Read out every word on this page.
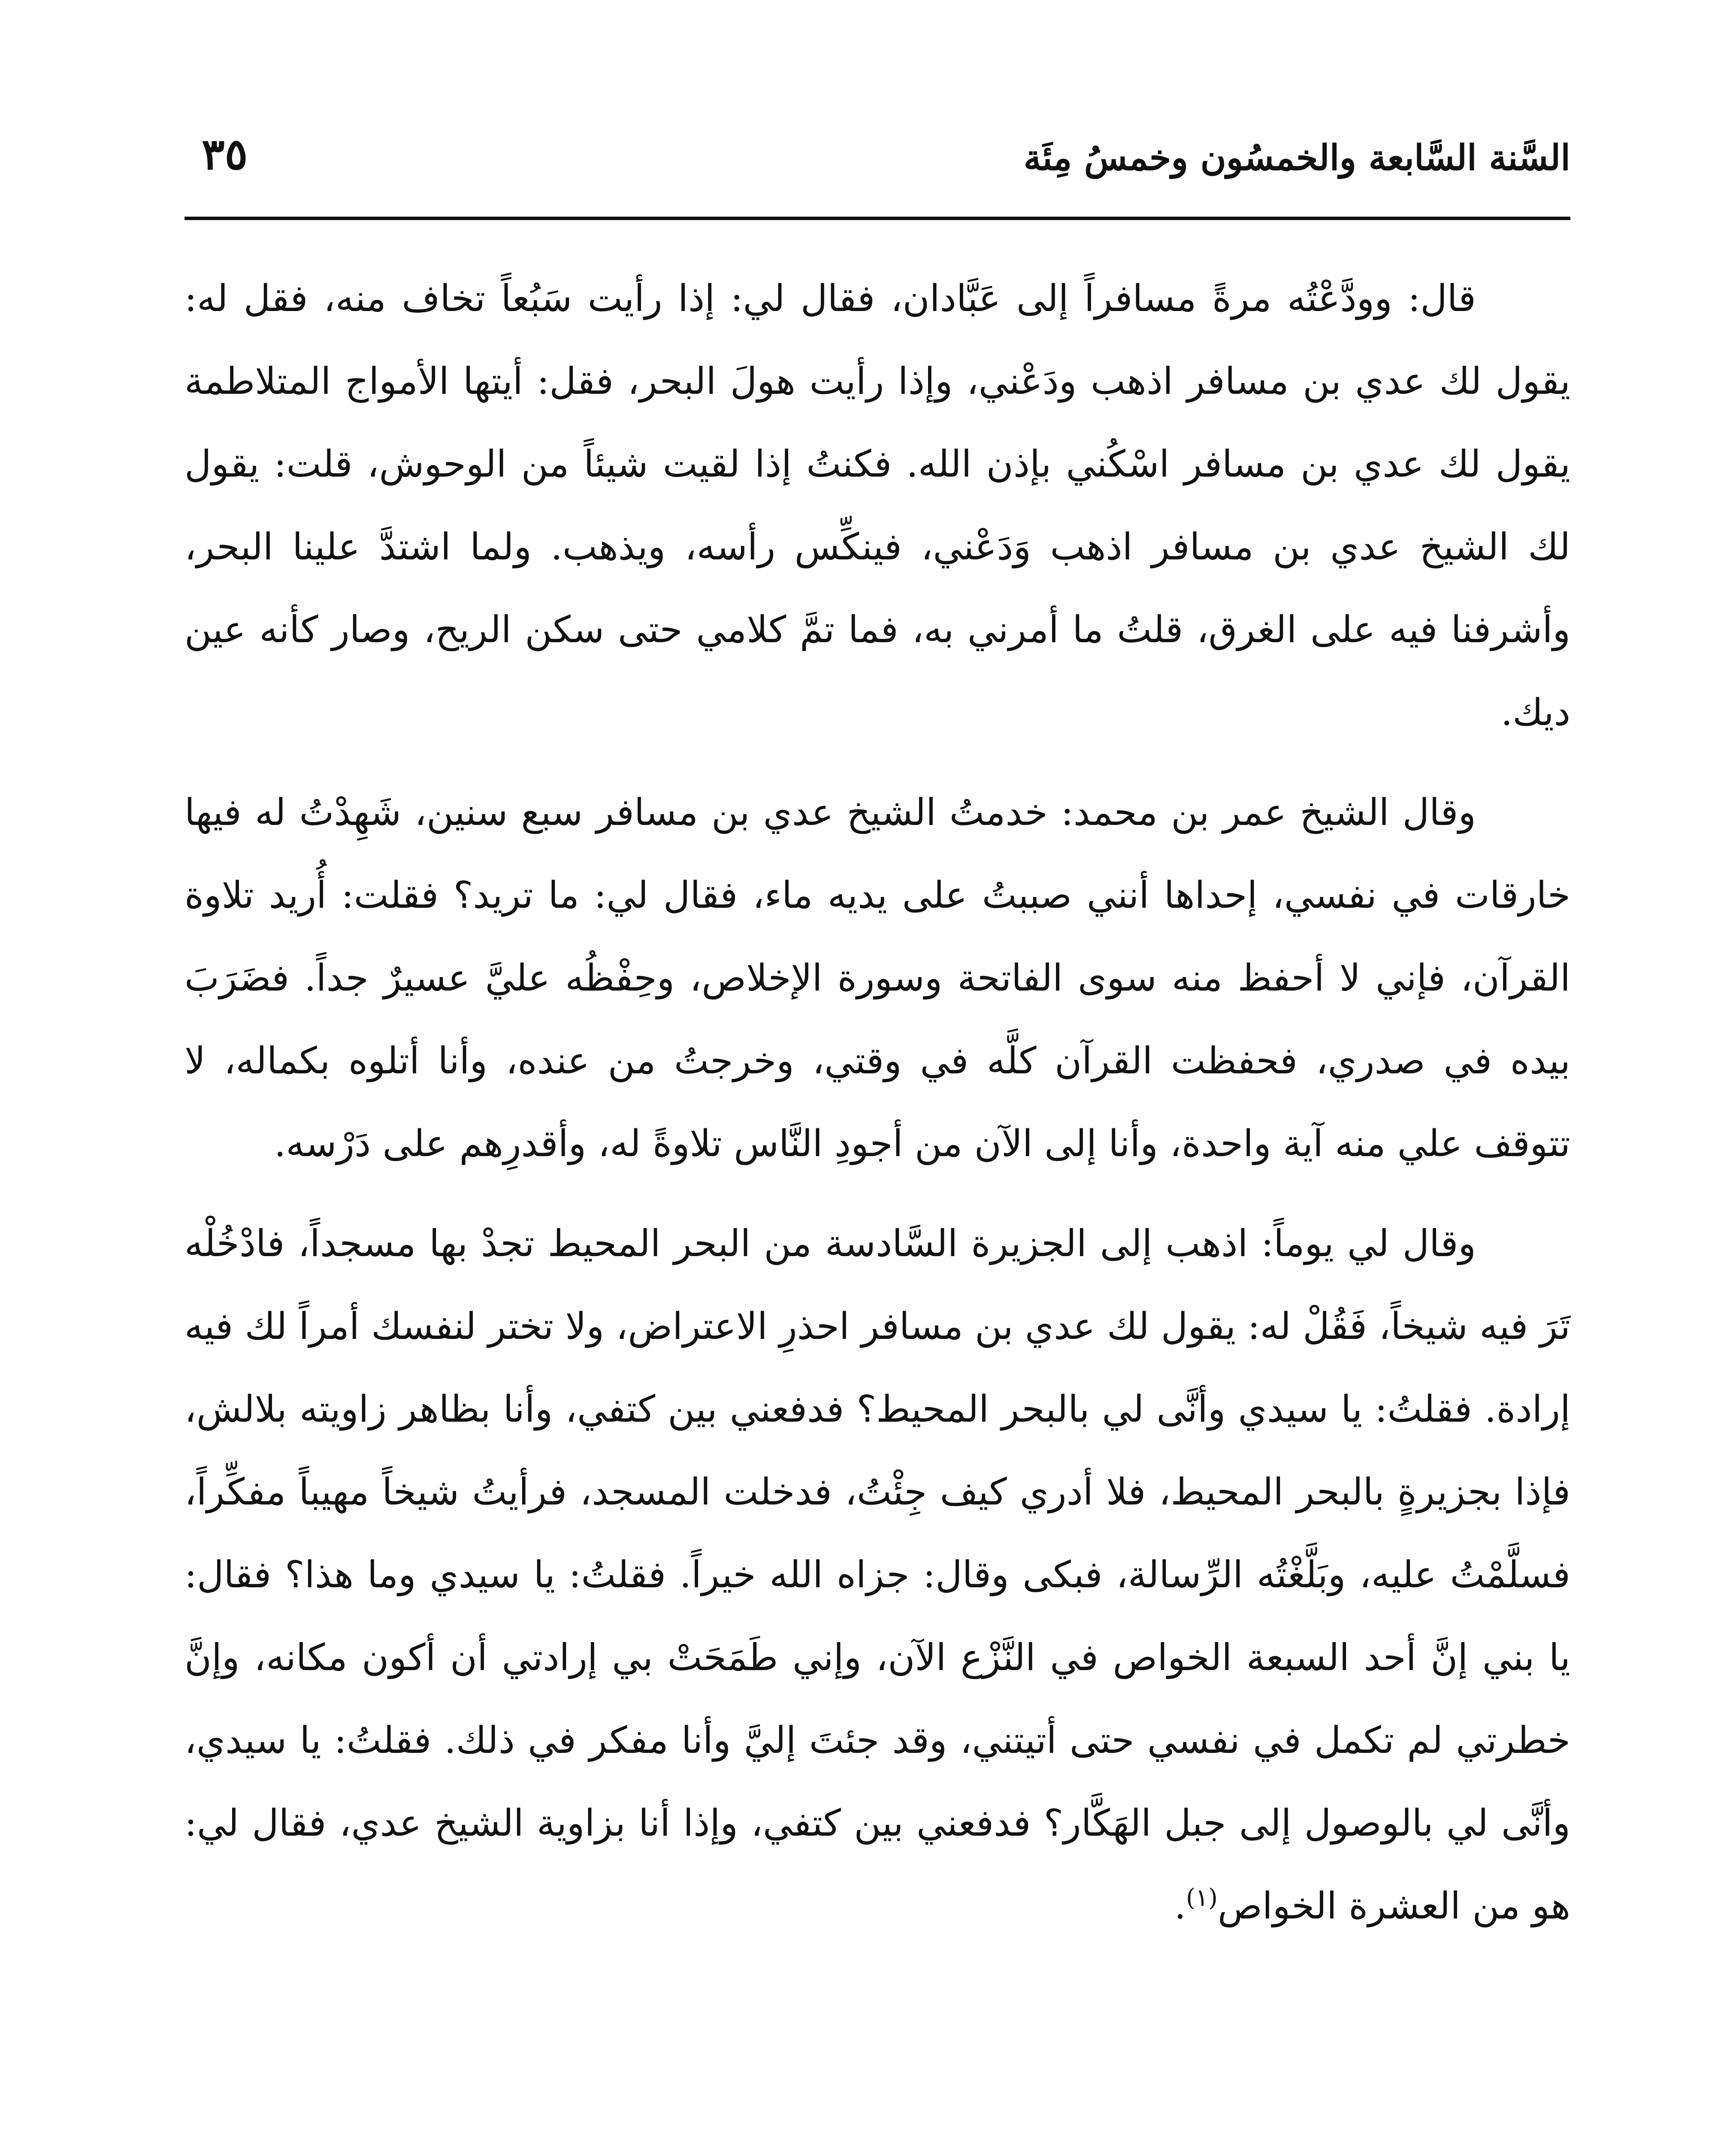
السَّنة السَّابعة والخمسُون وخمسُ مِئَة
٣٥

قال: وودَّعْتُه مرةً مسافراً إلى عَبَّادان، فقال لي: إذا رأيت سَبُعاً تخاف منه، فقل له: يقول لك عدي بن مسافر اذهب ودَعْني، وإذا رأيت هولَ البحر، فقل: أيتها الأمواج المتلاطمة يقول لك عدي بن مسافر اسْكُني بإذن الله. فكنتُ إذا لقيت شيئاً من الوحوش، قلت: يقول لك الشيخ عدي بن مسافر اذهب وَدَعْني، فينكِّس رأسه، ويذهب. ولما اشتدَّ علينا البحر، وأشرفنا فيه على الغرق، قلتُ ما أمرني به، فما تمَّ كلامي حتى سكن الريح، وصار كأنه عين ديك.

وقال الشيخ عمر بن محمد: خدمتُ الشيخ عدي بن مسافر سبع سنين، شَهِدْتُ له فيها خارقات في نفسي، إحداها أنني صببتُ على يديه ماء، فقال لي: ما تريد؟ فقلت: أُريد تلاوة القرآن، فإني لا أحفظ منه سوى الفاتحة وسورة الإخلاص، وحِفْظُه عليَّ عسيرٌ جداً. فضَرَبَ بيده في صدري، فحفظت القرآن كلَّه في وقتي، وخرجتُ من عنده، وأنا أتلوه بكماله، لا تتوقف علي منه آية واحدة، وأنا إلى الآن من أجودِ النَّاس تلاوةً له، وأقدرِهم على دَرْسه.

وقال لي يوماً: اذهب إلى الجزيرة السَّادسة من البحر المحيط تجدْ بها مسجداً، فادْخُلْه تَرَ فيه شيخاً، فَقُلْ له: يقول لك عدي بن مسافر احذرِ الاعتراض، ولا تختر لنفسك أمراً لك فيه إرادة. فقلتُ: يا سيدي وأنَّى لي بالبحر المحيط؟ فدفعني بين كتفي، وأنا بظاهر زاويته بلالش، فإذا بجزيرةٍ بالبحر المحيط، فلا أدري كيف جِئْتُ، فدخلت المسجد، فرأيتُ شيخاً مهيباً مفكِّراً، فسلَّمْتُ عليه، وبَلَّغْتُه الرِّسالة، فبكى وقال: جزاه الله خيراً. فقلتُ: يا سيدي وما هذا؟ فقال: يا بني إنَّ أحد السبعة الخواص في النَّزْع الآن، وإني طَمَحَتْ بي إرادتي أن أكون مكانه، وإنَّ خطرتي لم تكمل في نفسي حتى أتيتني، وقد جئتَ إليَّ وأنا مفكر في ذلك. فقلتُ: يا سيدي، وأنَّى لي بالوصول إلى جبل الهَكَّار؟ فدفعني بين كتفي، وإذا أنا بزاوية الشيخ عدي، فقال لي: هو من العشرة الخواص$^{(١)}$.
